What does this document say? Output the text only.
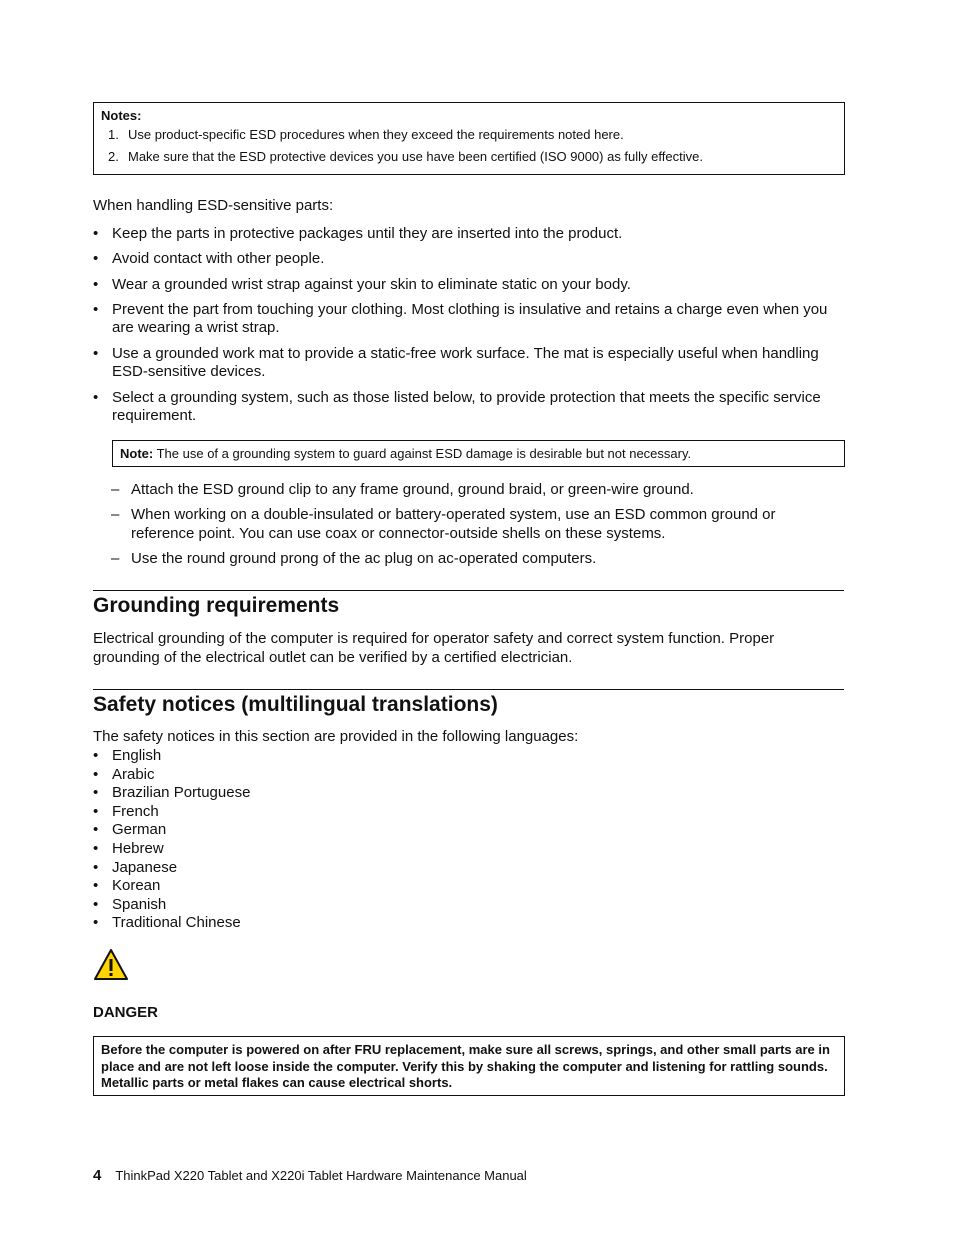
Notes:
1. Use product-specific ESD procedures when they exceed the requirements noted here.
2. Make sure that the ESD protective devices you use have been certified (ISO 9000) as fully effective.
When handling ESD-sensitive parts:
• Keep the parts in protective packages until they are inserted into the product.
• Avoid contact with other people.
• Wear a grounded wrist strap against your skin to eliminate static on your body.
• Prevent the part from touching your clothing. Most clothing is insulative and retains a charge even when you are wearing a wrist strap.
• Use a grounded work mat to provide a static-free work surface. The mat is especially useful when handling ESD-sensitive devices.
• Select a grounding system, such as those listed below, to provide protection that meets the specific service requirement.
Note: The use of a grounding system to guard against ESD damage is desirable but not necessary.
– Attach the ESD ground clip to any frame ground, ground braid, or green-wire ground.
– When working on a double-insulated or battery-operated system, use an ESD common ground or reference point. You can use coax or connector-outside shells on these systems.
– Use the round ground prong of the ac plug on ac-operated computers.
Grounding requirements
Electrical grounding of the computer is required for operator safety and correct system function. Proper grounding of the electrical outlet can be verified by a certified electrician.
Safety notices (multilingual translations)
The safety notices in this section are provided in the following languages:
• English
• Arabic
• Brazilian Portuguese
• French
• German
• Hebrew
• Japanese
• Korean
• Spanish
• Traditional Chinese
DANGER
Before the computer is powered on after FRU replacement, make sure all screws, springs, and other small parts are in place and are not left loose inside the computer. Verify this by shaking the computer and listening for rattling sounds. Metallic parts or metal flakes can cause electrical shorts.
4 ThinkPad X220 Tablet and X220i Tablet Hardware Maintenance Manual
